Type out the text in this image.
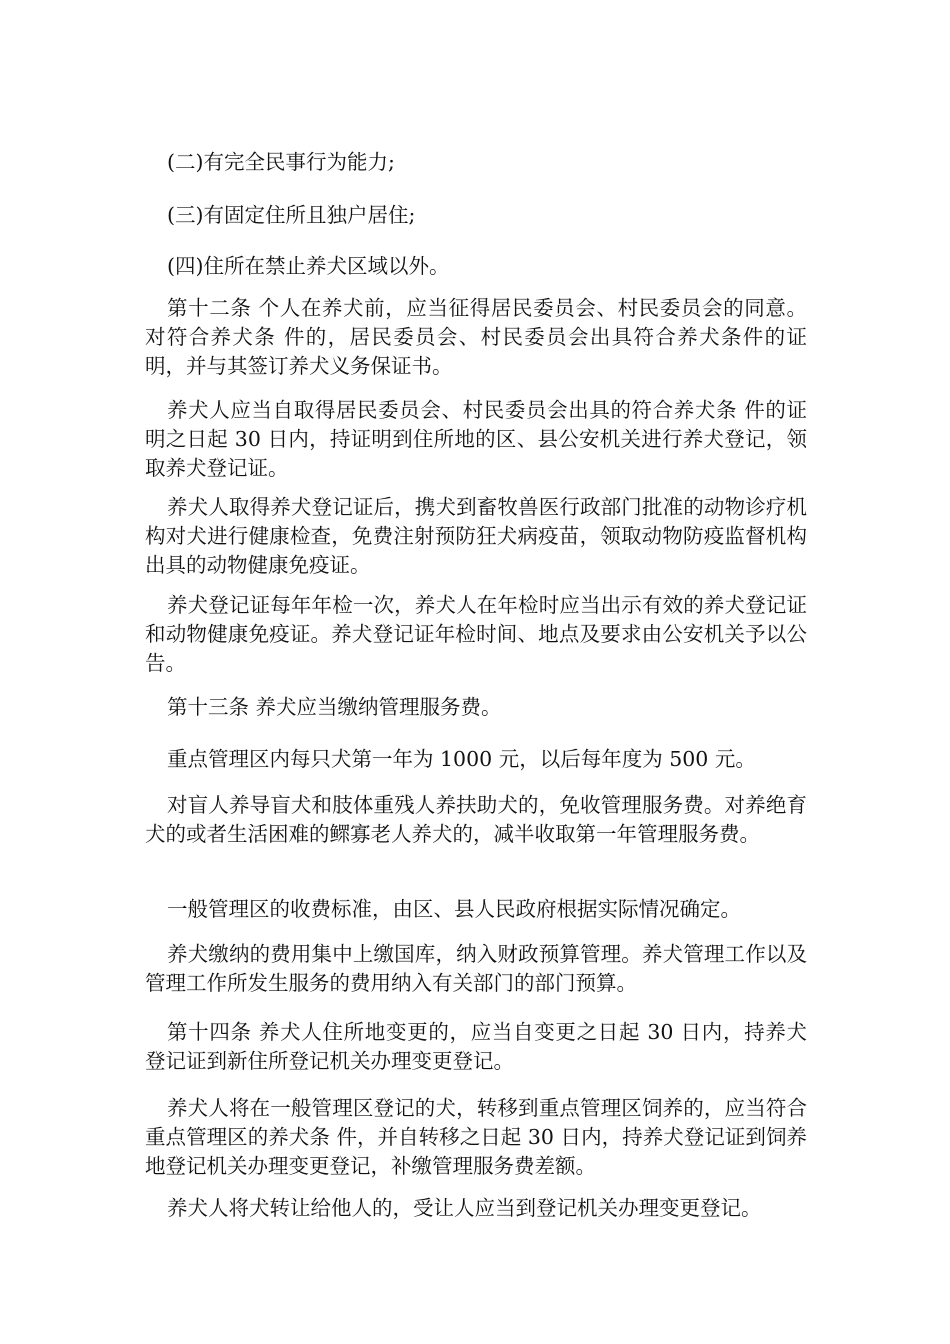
(二)有完全民事行为能力;

(三)有固定住所且独户居住;

(四)住所在禁止养犬区域以外。

第十二条 个人在养犬前，应当征得居民委员会、村民委员会的同意。对符合养犬条 件的，居民委员会、村民委员会出具符合养犬条件的证明，并与其签订养犬义务保证书。

养犬人应当自取得居民委员会、村民委员会出具的符合养犬条 件的证明之日起 30 日内，持证明到住所地的区、县公安机关进行养犬登记，领取养犬登记证。

养犬人取得养犬登记证后，携犬到畜牧兽医行政部门批准的动物诊疗机构对犬进行健康检查，免费注射预防狂犬病疫苗，领取动物防疫监督机构出具的动物健康免疫证。

养犬登记证每年年检一次，养犬人在年检时应当出示有效的养犬登记证和动物健康免疫证。养犬登记证年检时间、地点及要求由公安机关予以公告。

第十三条 养犬应当缴纳管理服务费。

重点管理区内每只犬第一年为 1000 元，以后每年度为 500 元。

对盲人养导盲犬和肢体重残人养扶助犬的，免收管理服务费。对养绝育犬的或者生活困难的鳏寡老人养犬的，减半收取第一年管理服务费。

一般管理区的收费标准，由区、县人民政府根据实际情况确定。

养犬缴纳的费用集中上缴国库，纳入财政预算管理。养犬管理工作以及管理工作所发生服务的费用纳入有关部门的部门预算。

第十四条 养犬人住所地变更的，应当自变更之日起 30 日内，持养犬登记证到新住所登记机关办理变更登记。

养犬人将在一般管理区登记的犬，转移到重点管理区饲养的，应当符合重点管理区的养犬条 件，并自转移之日起 30 日内，持养犬登记证到饲养地登记机关办理变更登记，补缴管理服务费差额。

养犬人将犬转让给他人的，受让人应当到登记机关办理变更登记。
